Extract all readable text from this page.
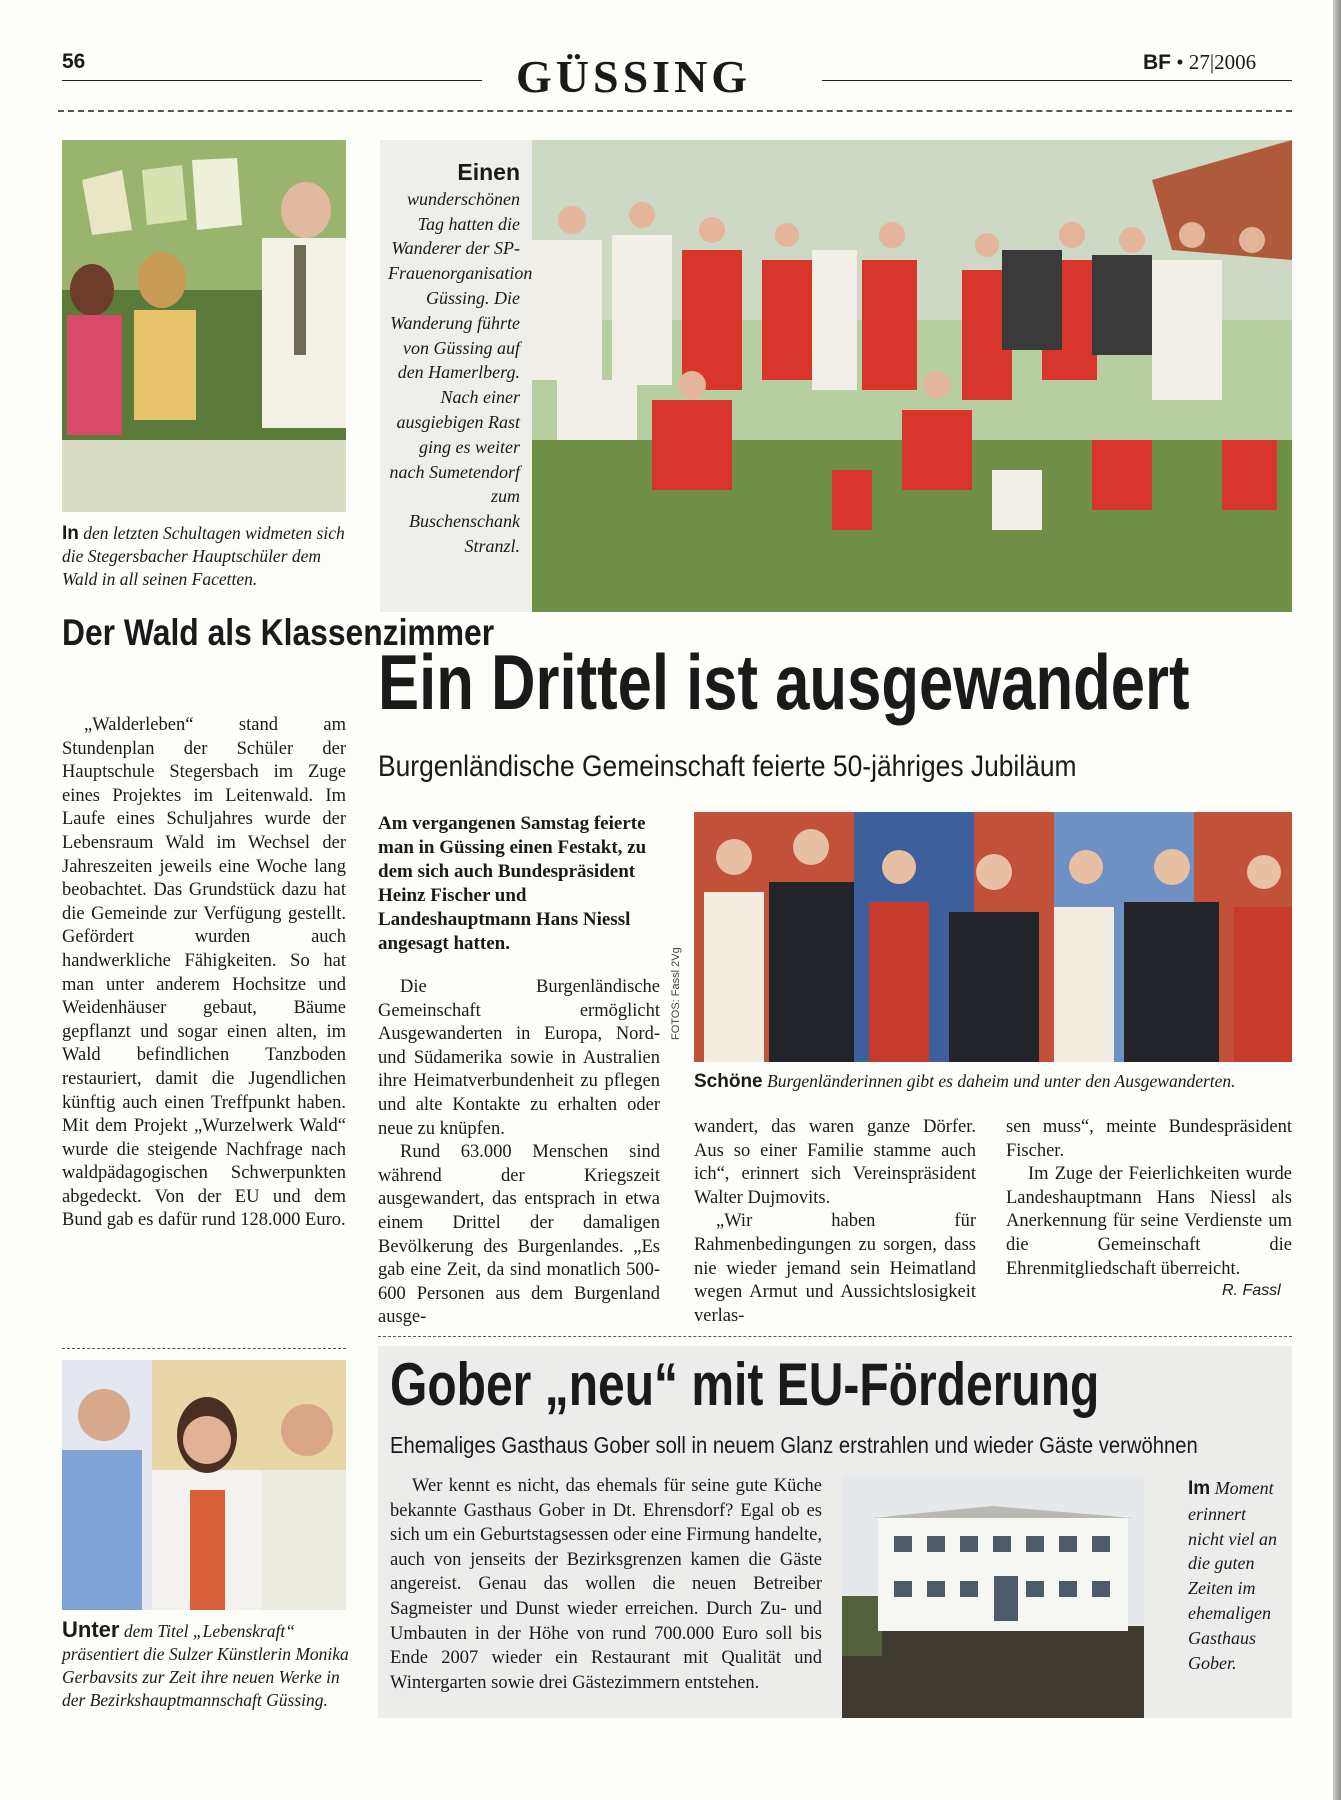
56	GÜSSING	BF • 27|2006
In den letzten Schultagen widmeten sich die Stegersbacher Hauptschüler dem Wald in all seinen Facetten.
Einen wunderschönen Tag hatten die Wanderer der SP-Frauenorganisation Güssing. Die Wanderung führte von Güssing auf den Hamerlberg. Nach einer ausgiebigen Rast ging es weiter nach Sumetendorf zum Buschenschank Stranzl.
Der Wald als Klassenzimmer

„Walderleben“ stand am Stundenplan der Schüler der Hauptschule Stegersbach im Zuge eines Projektes im Leitenwald. Im Laufe eines Schuljahres wurde der Lebensraum Wald im Wechsel der Jahreszeiten jeweils eine Woche lang beobachtet. Das Grundstück dazu hat die Gemeinde zur Verfügung gestellt. Gefördert wurden auch handwerkliche Fähigkeiten. So hat man unter anderem Hochsitze und Weidenhäuser gebaut, Bäume gepflanzt und sogar einen alten, im Wald befindlichen Tanzboden restauriert, damit die Jugendlichen künftig auch einen Treffpunkt haben. Mit dem Projekt „Wurzelwerk Wald“ wurde die steigende Nachfrage nach waldpädagogischen Schwerpunkten abgedeckt. Von der EU und dem Bund gab es dafür rund 128.000 Euro.

Ein Drittel ist ausgewandert
Burgenländische Gemeinschaft feierte 50-jähriges Jubiläum
Am vergangenen Samstag feierte man in Güssing einen Festakt, zu dem sich auch Bundespräsident Heinz Fischer und Landeshauptmann Hans Niessl angesagt hatten.

Die Burgenländische Gemeinschaft ermöglicht Ausgewanderten in Europa, Nord- und Südamerika sowie in Australien ihre Heimatverbundenheit zu pflegen und alte Kontakte zu erhalten oder neue zu knüpfen.

Rund 63.000 Menschen sind während der Kriegszeit ausgewandert, das entsprach in etwa einem Drittel der damaligen Bevölkerung des Burgenlandes. „Es gab eine Zeit, da sind monatlich 500-600 Personen aus dem Burgenland ausge-

FOTOS: Fassl 2Vg
Schöne Burgenländerinnen gibt es daheim und unter den Ausgewanderten.

wandert, das waren ganze Dörfer. Aus so einer Familie stamme auch ich“, erinnert sich Vereinspräsident Walter Dujmovits.

„Wir haben für Rahmenbedingungen zu sorgen, dass nie wieder jemand sein Heimatland wegen Armut und Aussichtslosigkeit verlas-

sen muss“, meinte Bundespräsident Fischer.

Im Zuge der Feierlichkeiten wurde Landeshauptmann Hans Niessl als Anerkennung für seine Verdienste um die Gemeinschaft die Ehrenmitgliedschaft überreicht.

R. Fassl
Unter dem Titel „Lebenskraft“ präsentiert die Sulzer Künstlerin Monika Gerbavsits zur Zeit ihre neuen Werke in der Bezirkshauptmannschaft Güssing.
Gober „neu“ mit EU-Förderung
Ehemaliges Gasthaus Gober soll in neuem Glanz erstrahlen und wieder Gäste verwöhnen

Wer kennt es nicht, das ehemals für seine gute Küche bekannte Gasthaus Gober in Dt. Ehrensdorf? Egal ob es sich um ein Geburtstagsessen oder eine Firmung handelte, auch von jenseits der Bezirksgrenzen kamen die Gäste angereist. Genau das wollen die neuen Betreiber Sagmeister und Dunst wieder erreichen. Durch Zu- und Umbauten in der Höhe von rund 700.000 Euro soll bis Ende 2007 wieder ein Restaurant mit Qualität und Wintergarten sowie drei Gästezimmern entstehen.

Im Moment erinnert nicht viel an die guten Zeiten im ehemaligen Gasthaus Gober.
